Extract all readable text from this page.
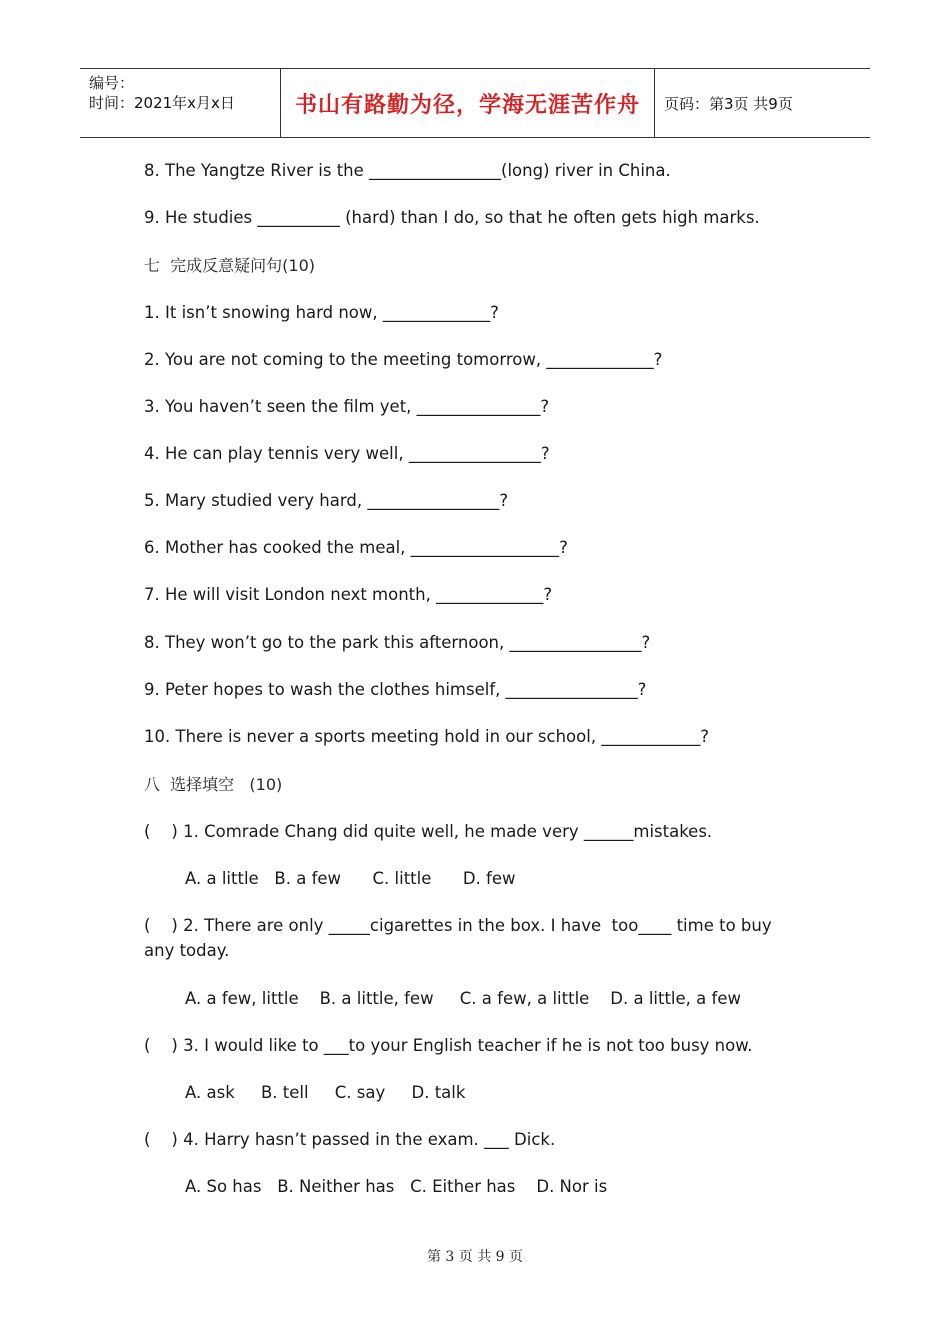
编号：
时间：2021年x月x日	书山有路勤为径，学海无涯苦作舟	页码：第3页 共9页
8. The Yangtze River is the ________________(long) river in China.
9. He studies __________ (hard) than I do, so that he often gets high marks.
七  完成反意疑问句(10)
1. It isn’t snowing hard now, _____________?
2. You are not coming to the meeting tomorrow, _____________?
3. You haven’t seen the film yet, _______________?
4. He can play tennis very well, ________________?
5. Mary studied very hard, ________________?
6. Mother has cooked the meal, __________________?
7. He will visit London next month, _____________?
8. They won’t go to the park this afternoon, ________________?
9. Peter hopes to wash the clothes himself, ________________?
10. There is never a sports meeting hold in our school, ____________?
八  选择填空   (10)
(    ) 1. Comrade Chang did quite well, he made very ______mistakes.
A. a little   B. a few      C. little      D. few
(    ) 2. There are only _____cigarettes in the box. I have  too____ time to buy
any today.
A. a few, little    B. a little, few     C. a few, a little    D. a little, a few
(    ) 3. I would like to ___to your English teacher if he is not too busy now.
A. ask     B. tell     C. say     D. talk
(    ) 4. Harry hasn’t passed in the exam. ___ Dick.
A. So has   B. Neither has   C. Either has    D. Nor is
第 3 页 共 9 页
